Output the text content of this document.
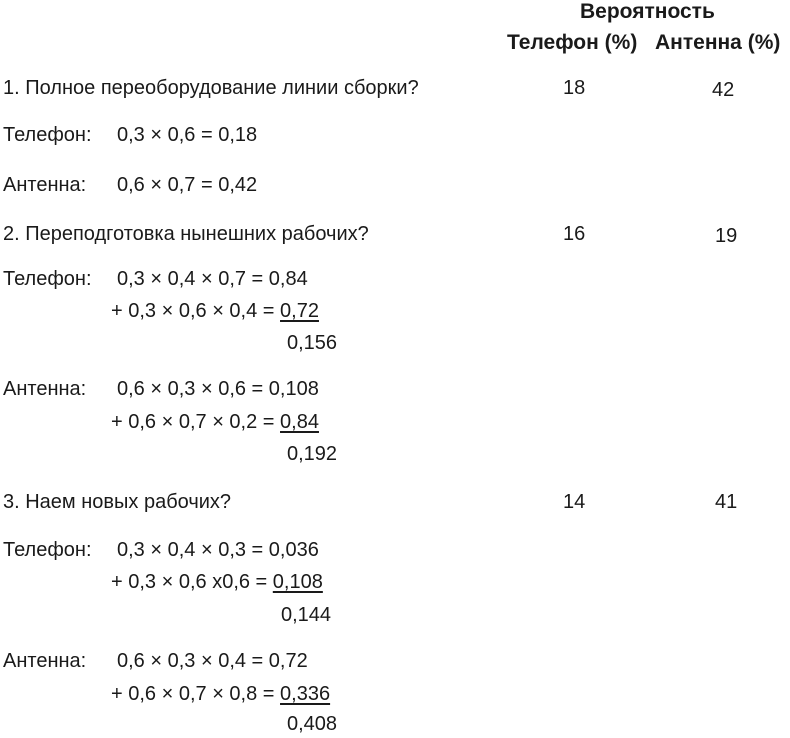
Вероятность
Телефон (%) Антенна (%)
1. Полное переоборудование линии сборки?	18	42
Телефон: 0,3 × 0,6 = 0,18
Антенна: 0,6 × 0,7 = 0,42
2. Переподготовка нынешних рабочих?	16	19
Телефон: 0,3 × 0,4 × 0,7 = 0,84
+ 0,3 × 0,6 × 0,4 = 0,72
0,156
Антенна: 0,6 × 0,3 × 0,6 = 0,108
+ 0,6 × 0,7 × 0,2 = 0,84
0,192
3. Наем новых рабочих?	14	41
Телефон: 0,3 × 0,4 × 0,3 = 0,036
+ 0,3 × 0,6 x0,6 = 0,108
0,144
Антенна: 0,6 × 0,3 × 0,4 = 0,72
+ 0,6 × 0,7 × 0,8 = 0,336
0,408
